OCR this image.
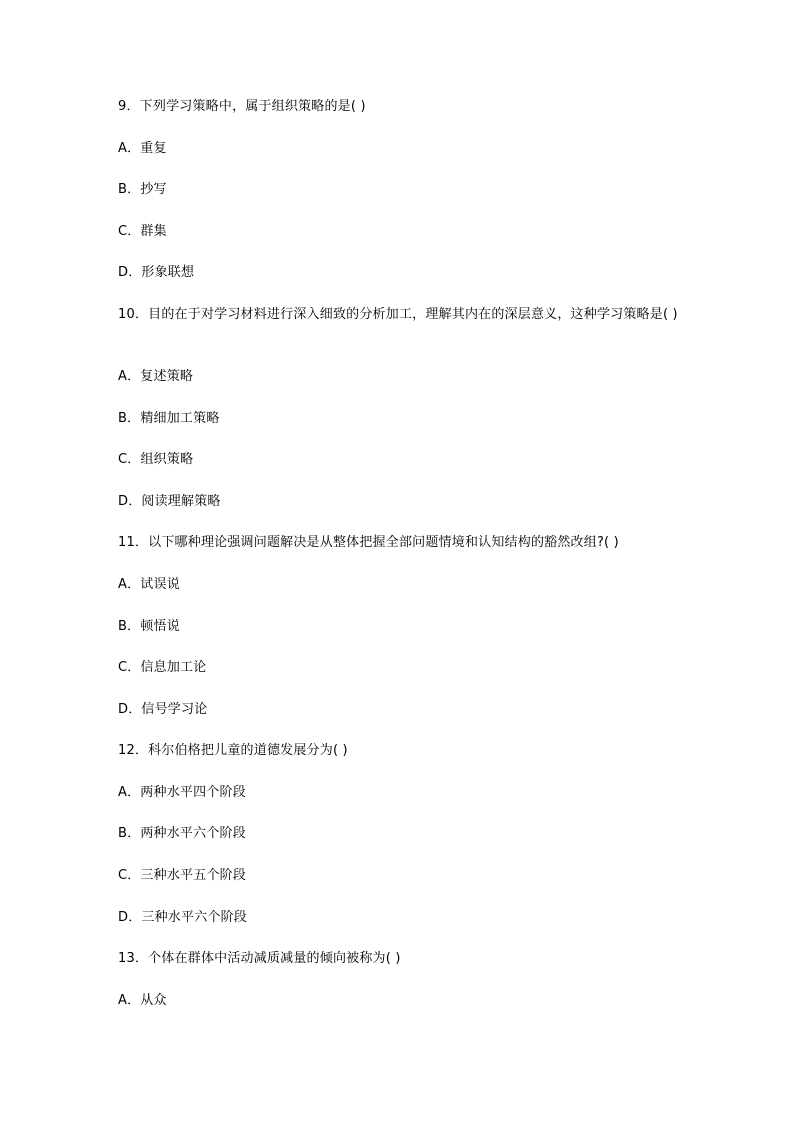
9．下列学习策略中，属于组织策略的是( )
A．重复
B．抄写
C．群集
D．形象联想
10．目的在于对学习材料进行深入细致的分析加工，理解其内在的深层意义，这种学习策略是( )
A．复述策略
B．精细加工策略
C．组织策略
D．阅读理解策略
11．以下哪种理论强调问题解决是从整体把握全部问题情境和认知结构的豁然改组?( )
A．试误说
B．顿悟说
C．信息加工论
D．信号学习论
12．科尔伯格把儿童的道德发展分为( )
A．两种水平四个阶段
B．两种水平六个阶段
C．三种水平五个阶段
D．三种水平六个阶段
13．个体在群体中活动减质减量的倾向被称为( )
A．从众
